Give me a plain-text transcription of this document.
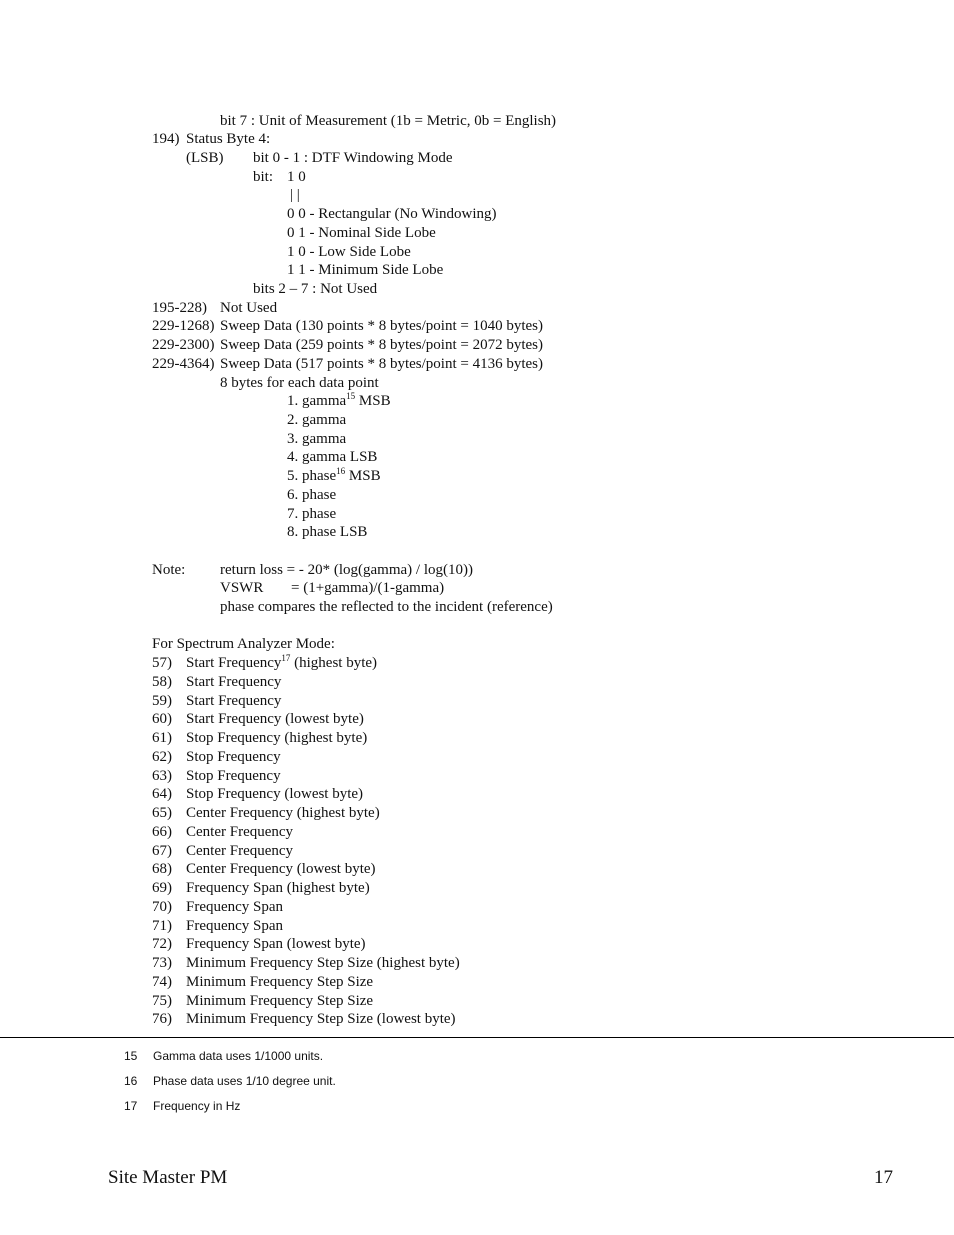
bit 7 : Unit of Measurement (1b = Metric, 0b = English)
194) Status Byte 4:
(LSB) bit 0 - 1 : DTF Windowing Mode
bit: 1 0
| |
0 0 - Rectangular (No Windowing)
0 1 - Nominal Side Lobe
1 0 - Low Side Lobe
1 1 - Minimum Side Lobe
bits 2 – 7 : Not Used
195-228) Not Used
229-1268) Sweep Data (130 points * 8 bytes/point = 1040 bytes)
229-2300) Sweep Data (259 points * 8 bytes/point = 2072 bytes)
229-4364) Sweep Data (517 points * 8 bytes/point = 4136 bytes)
8 bytes for each data point
1. gamma$^{15}$ MSB
2. gamma
3. gamma
4. gamma LSB
5. phase$^{16}$ MSB
6. phase
7. phase
8. phase LSB
Note: return loss = - 20* (log(gamma) / log(10))
VSWR = (1+gamma)/(1-gamma)
phase compares the reflected to the incident (reference)
For Spectrum Analyzer Mode:
57) Start Frequency$^{17}$ (highest byte)
58) Start Frequency
59) Start Frequency
60) Start Frequency (lowest byte)
61) Stop Frequency (highest byte)
62) Stop Frequency
63) Stop Frequency
64) Stop Frequency (lowest byte)
65) Center Frequency (highest byte)
66) Center Frequency
67) Center Frequency
68) Center Frequency (lowest byte)
69) Frequency Span (highest byte)
70) Frequency Span
71) Frequency Span
72) Frequency Span (lowest byte)
73) Minimum Frequency Step Size (highest byte)
74) Minimum Frequency Step Size
75) Minimum Frequency Step Size
76) Minimum Frequency Step Size (lowest byte)
15 Gamma data uses 1/1000 units.
16 Phase data uses 1/10 degree unit.
17 Frequency in Hz
Site Master PM	17
